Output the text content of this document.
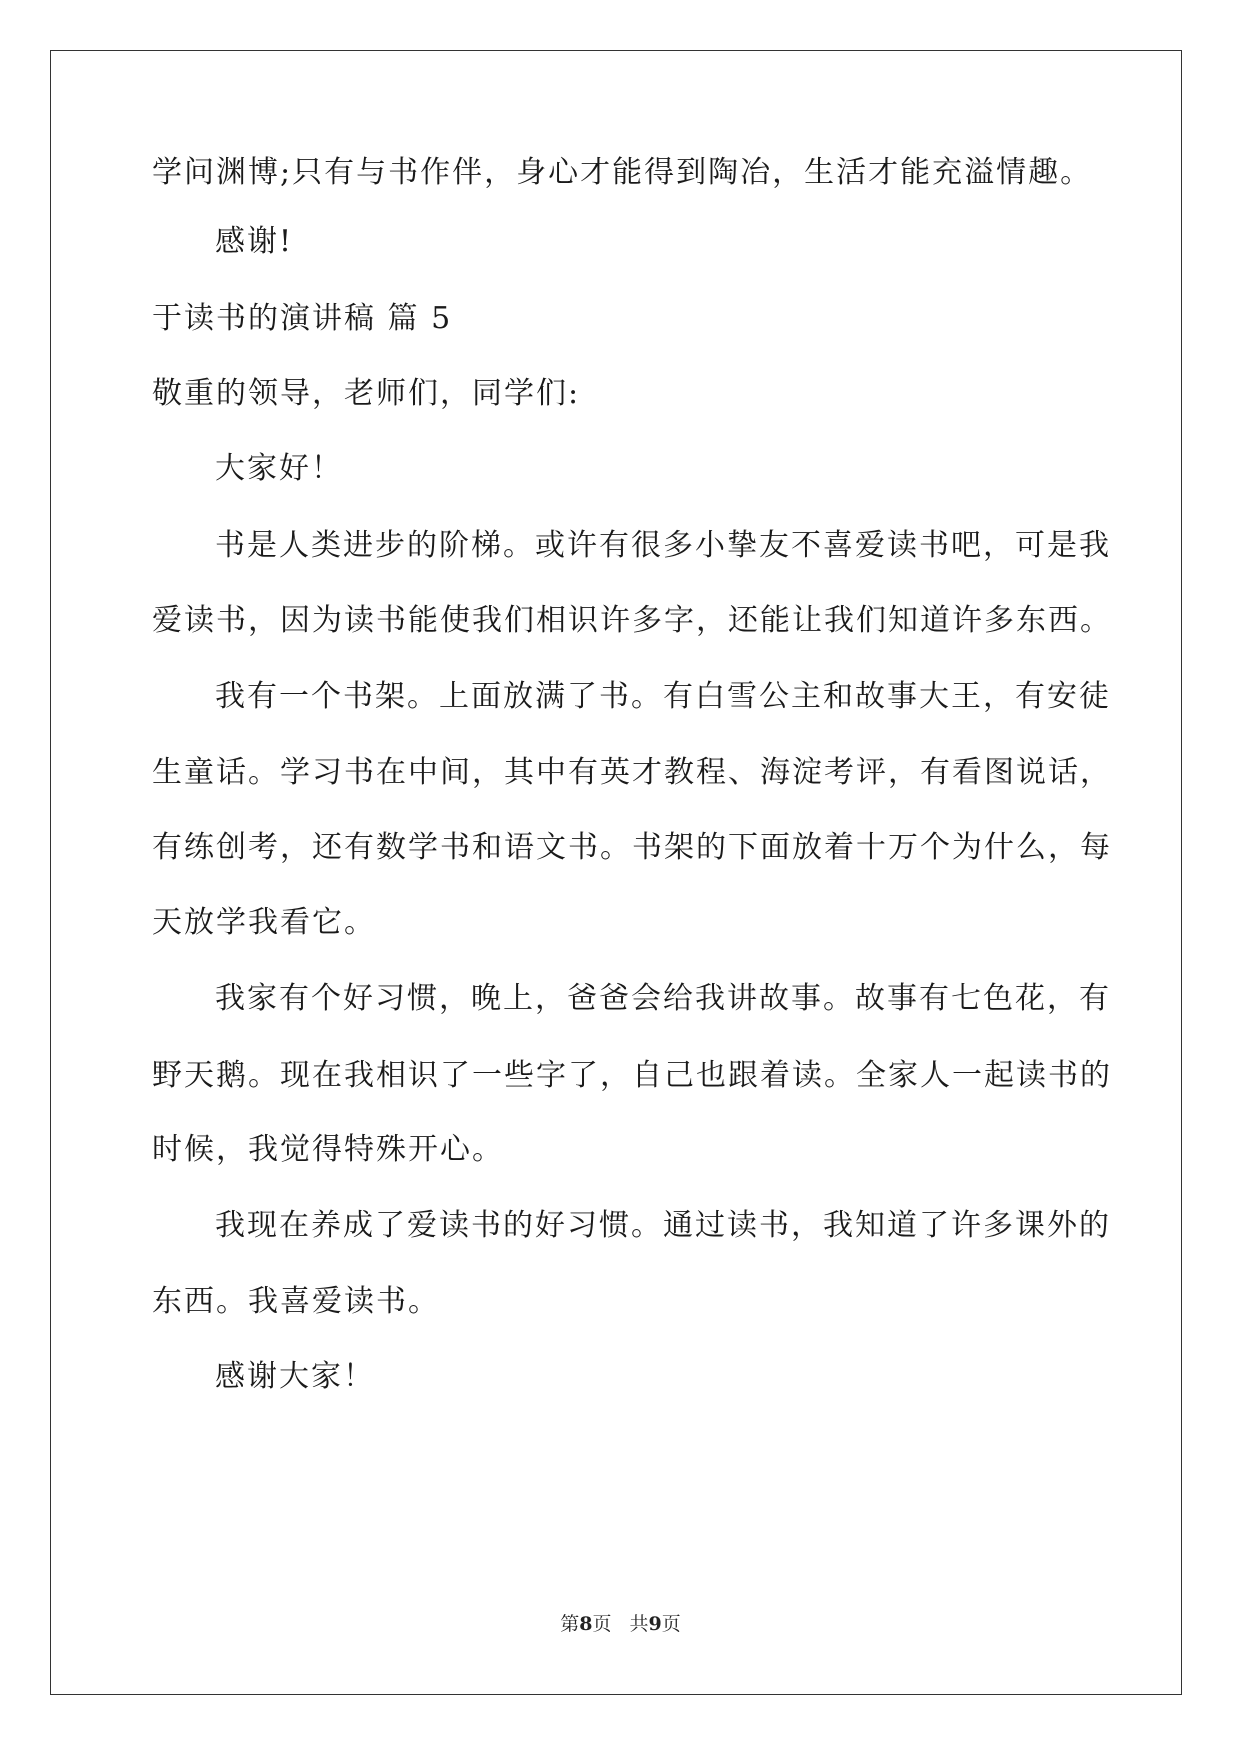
学问渊博;只有与书作伴，身心才能得到陶冶，生活才能充溢情趣。
感谢!
于读书的演讲稿 篇 5
敬重的领导，老师们，同学们:
大家好！
书是人类进步的阶梯。或许有很多小挚友不喜爱读书吧，可是我
爱读书，因为读书能使我们相识许多字，还能让我们知道许多东西。
我有一个书架。上面放满了书。有白雪公主和故事大王，有安徒
生童话。学习书在中间，其中有英才教程、海淀考评，有看图说话，
有练创考，还有数学书和语文书。书架的下面放着十万个为什么，每
天放学我看它。
我家有个好习惯，晚上，爸爸会给我讲故事。故事有七色花，有
野天鹅。现在我相识了一些字了，自己也跟着读。全家人一起读书的
时候，我觉得特殊开心。
我现在养成了爱读书的好习惯。通过读书，我知道了许多课外的
东西。我喜爱读书。
感谢大家！
第8页 共9页
